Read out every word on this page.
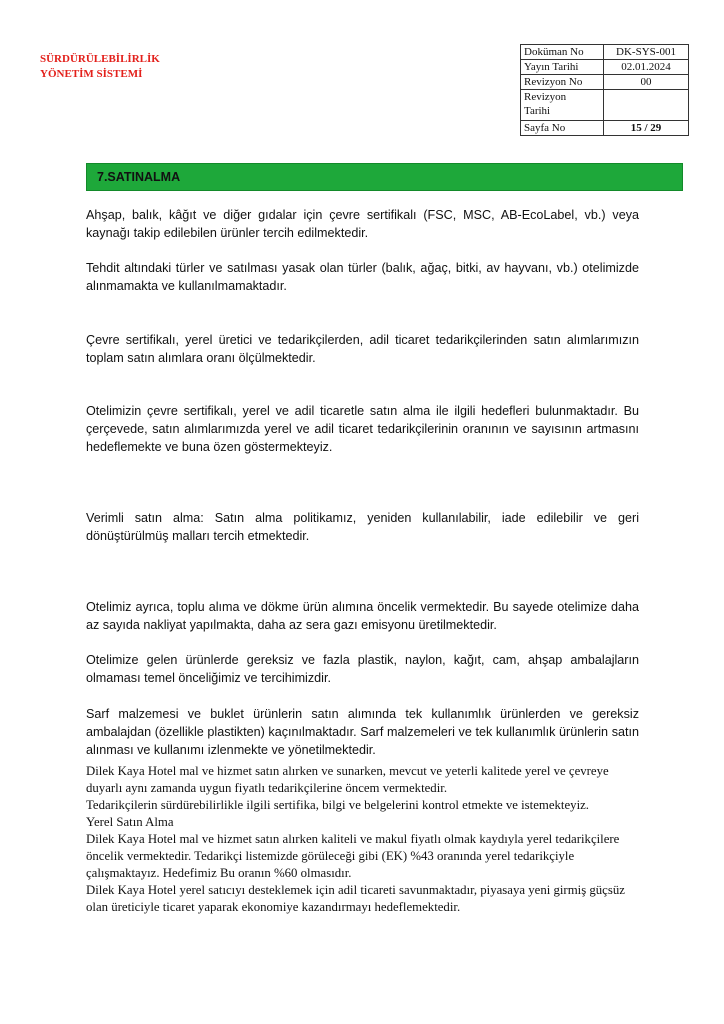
SÜRDÜRÜLEBİLİRLİK
YÖNETİM SİSTEMİ
Doküman No	DK-SYS-001
Yayın Tarihi	02.01.2024
Revizyon No	00

Revizyon
Tarihi	

Sayfa No	15 / 29
7.SATINALMA
Ahşap, balık, kâğıt ve diğer gıdalar için çevre sertifikalı (FSC, MSC, AB-EcoLabel, vb.) veya kaynağı takip edilebilen ürünler tercih edilmektedir.
Tehdit altındaki türler ve satılması yasak olan türler (balık, ağaç, bitki, av hayvanı, vb.) otelimizde alınmamakta ve kullanılmamaktadır.
Çevre sertifikalı, yerel üretici ve tedarikçilerden, adil ticaret tedarikçilerinden satın alımlarımızın toplam satın alımlara oranı ölçülmektedir.
Otelimizin çevre sertifikalı, yerel ve adil ticaretle satın alma ile ilgili hedefleri bulunmaktadır. Bu çerçevede, satın alımlarımızda yerel ve adil ticaret tedarikçilerinin oranının ve sayısının artmasını hedeflemekte ve buna özen göstermekteyiz.
Verimli satın alma: Satın alma politikamız, yeniden kullanılabilir, iade edilebilir ve geri dönüştürülmüş malları tercih etmektedir.
Otelimiz ayrıca, toplu alıma ve dökme ürün alımına öncelik vermektedir. Bu sayede otelimize daha az sayıda nakliyat yapılmakta, daha az sera gazı emisyonu üretilmektedir.
Otelimize gelen ürünlerde gereksiz ve fazla plastik, naylon, kağıt, cam, ahşap ambalajların olmaması temel önceliğimiz ve tercihimizdir.
Sarf malzemesi ve buklet ürünlerin satın alımında tek kullanımlık ürünlerden ve gereksiz ambalajdan (özellikle plastikten) kaçınılmaktadır. Sarf malzemeleri ve tek kullanımlık ürünlerin satın alınması ve kullanımı izlenmekte ve yönetilmektedir.
Dilek Kaya Hotel mal ve hizmet satın alırken ve sunarken, mevcut ve yeterli kalitede yerel ve çevreye duyarlı aynı zamanda uygun fiyatlı tedarikçilerine öncem vermektedir.
Tedarikçilerin sürdürebilirlikle ilgili sertifika, bilgi ve belgelerini kontrol etmekte ve istemekteyiz.
Yerel Satın Alma
Dilek Kaya Hotel mal ve hizmet satın alırken kaliteli ve makul fiyatlı olmak kaydıyla yerel tedarikçilere öncelik vermektedir. Tedarikçi listemizde görüleceği gibi (EK) %43 oranında yerel tedarikçiyle çalışmaktayız. Hedefimiz Bu oranın %60 olmasıdır.
Dilek Kaya Hotel yerel satıcıyı desteklemek için adil ticareti savunmaktadır, piyasaya yeni girmiş güçsüz olan üreticiyle ticaret yaparak ekonomiye kazandırmayı hedeflemektedir.
